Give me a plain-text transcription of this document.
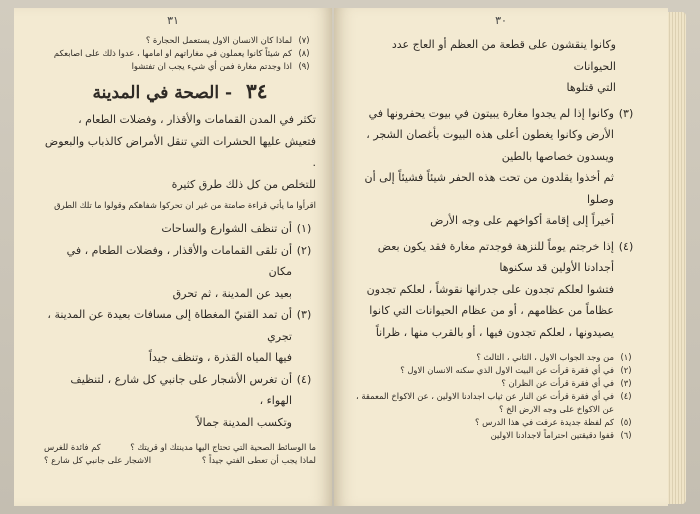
٣١
(٧)
لماذا كان الانسان الاول يستعمل الحجارة ؟
(٨)
كم شيئاً كانوا يعملون في مغاراتهم او امامها ، عدوا ذلك على اصابعكم
(٩)
اذا وجدتم مغارة فمن أي شيء يجب ان تفتشوا
٣٤ - الصحة في المدينة
تكثر في المدن القمامات والأقذار ، وفضلات الطعام ،
فتعيش عليها الحشرات التي تنقل الأمراض كالذباب والبعوض .
للتخلص من كل ذلك طرق كثيرة
اقرأوا ما يأتي قراءة صامتة من غير ان تحركوا شفاهكم وقولوا ما تلك الطرق
(١)
أن تنظف الشوارع والساحات
(٢)
أن تلقى القمامات والأقذار ، وفضلات الطعام ، في مكان
بعيد عن المدينة ، ثم تحرق
(٣)
أن تمد القنيّ المغطاة إلى مسافات بعيدة عن المدينة ، تجري
فيها المياه القذرة ، وتنظف جيداً
(٤)
أن تغرس الأشجار على جانبي كل شارع ، لتنظيف الهواء ،
وتكسب المدينة جمالاً
ما الوسائط الصحية التي تحتاج اليها مدينتك او قريتك ؟
كم فائدة للغرس
لماذا يجب أن تعطى الفتي جيداً ؟
الاشجار على جانبي كل شارع ؟
٣٠
وكانوا ينقشون على قطعة من العظم أو العاج عدد الحيوانات
التي قتلوها
(٣)
وكانوا إذا لم يجدوا مغارة يبيتون في بيوت يحفرونها في
الأرض وكانوا يغطون أعلى هذه البيوت بأغصان الشجر ،
ويسدون خصاصها بالطين
ثم أخذوا يقلدون من تحت هذه الحفر شيئاً فشيئاً إلى أن وصلوا
أخيراً إلى إقامة أكواخهم على وجه الأرض
(٤)
إذا خرجتم يوماً للنزهة فوجدتم مغارة فقد يكون بعض
أجدادنا الأولين قد سكنوها
فتشوا لعلكم تجدون على جدرانها نقوشاً ، لعلكم تجدون
عظاماً من عظامهم ، أو من عظام الحيوانات التي كانوا
يصيدونها ، لعلكم تجدون فيها ، أو بالقرب منها ، ظراناً
(١)
من وجد الجواب الاول ، الثاني ، الثالث ؟
(٢)
في أي فقرة قرأت عن البيت الاول الذي سكنه الانسان الاول ؟
(٣)
في أي فقرة قرأت عن الظران ؟
(٤)
في أي فقرة قرأت عن النار عن ثياب اجدادنا الاولين ، عن الاكواخ المعمقة ،
عن الاكواخ على وجه الارض الخ ؟
(٥)
كم لفظة جديدة عرفت في هذا الدرس ؟
(٦)
قفوا دقيقتين احتراماً لاجدادنا الاولين
